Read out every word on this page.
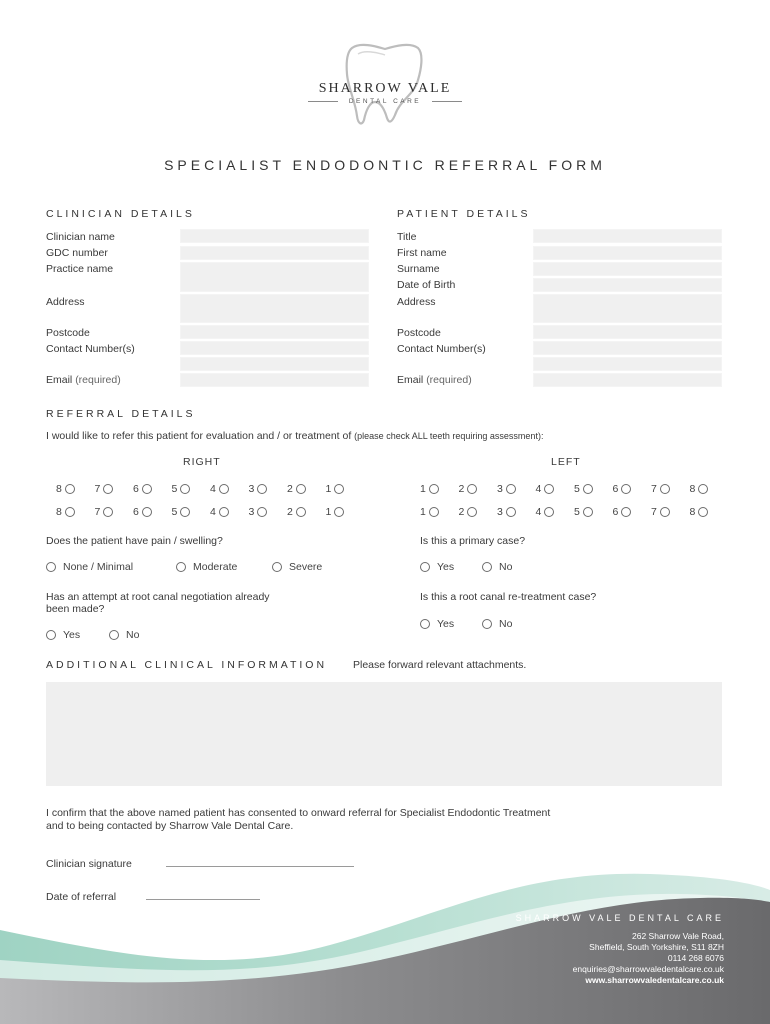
SHARROW VALE
DENTAL CARE
SPECIALIST ENDODONTIC REFERRAL FORM
CLINICIAN DETAILS
Clinician name
GDC number
Practice name
Address
Postcode
Contact Number(s)
Email (required)
PATIENT DETAILS
Title
First name
Surname
Date of Birth
Address
Postcode
Contact Number(s)
Email (required)
REFERRAL DETAILS
I would like to refer this patient for evaluation and / or treatment of (please check ALL teeth requiring assessment):
RIGHT	LEFT
8	7	6	5	4	3	2	1
8	7	6	5	4	3	2	1
1	2	3	4	5	6	7	8
1	2	3	4	5	6	7	8
Does the patient have pain / swelling?
None / Minimal	Moderate	Severe
Is this a primary case?
Yes	No
Has an attempt at root canal negotiation already
been made?
Yes	No
Is this a root canal re-treatment case?
Yes	No
ADDITIONAL CLINICAL INFORMATION Please forward relevant attachments.
I confirm that the above named patient has consented to onward referral for Specialist Endodontic Treatment
and to being contacted by Sharrow Vale Dental Care.
Clinician signature
Date of referral
SHARROW VALE DENTAL CARE
262 Sharrow Vale Road,
Sheffield, South Yorkshire, S11 8ZH
0114 268 6076
enquiries@sharrowvaledentalcare.co.uk
www.sharrowvaledentalcare.co.uk
